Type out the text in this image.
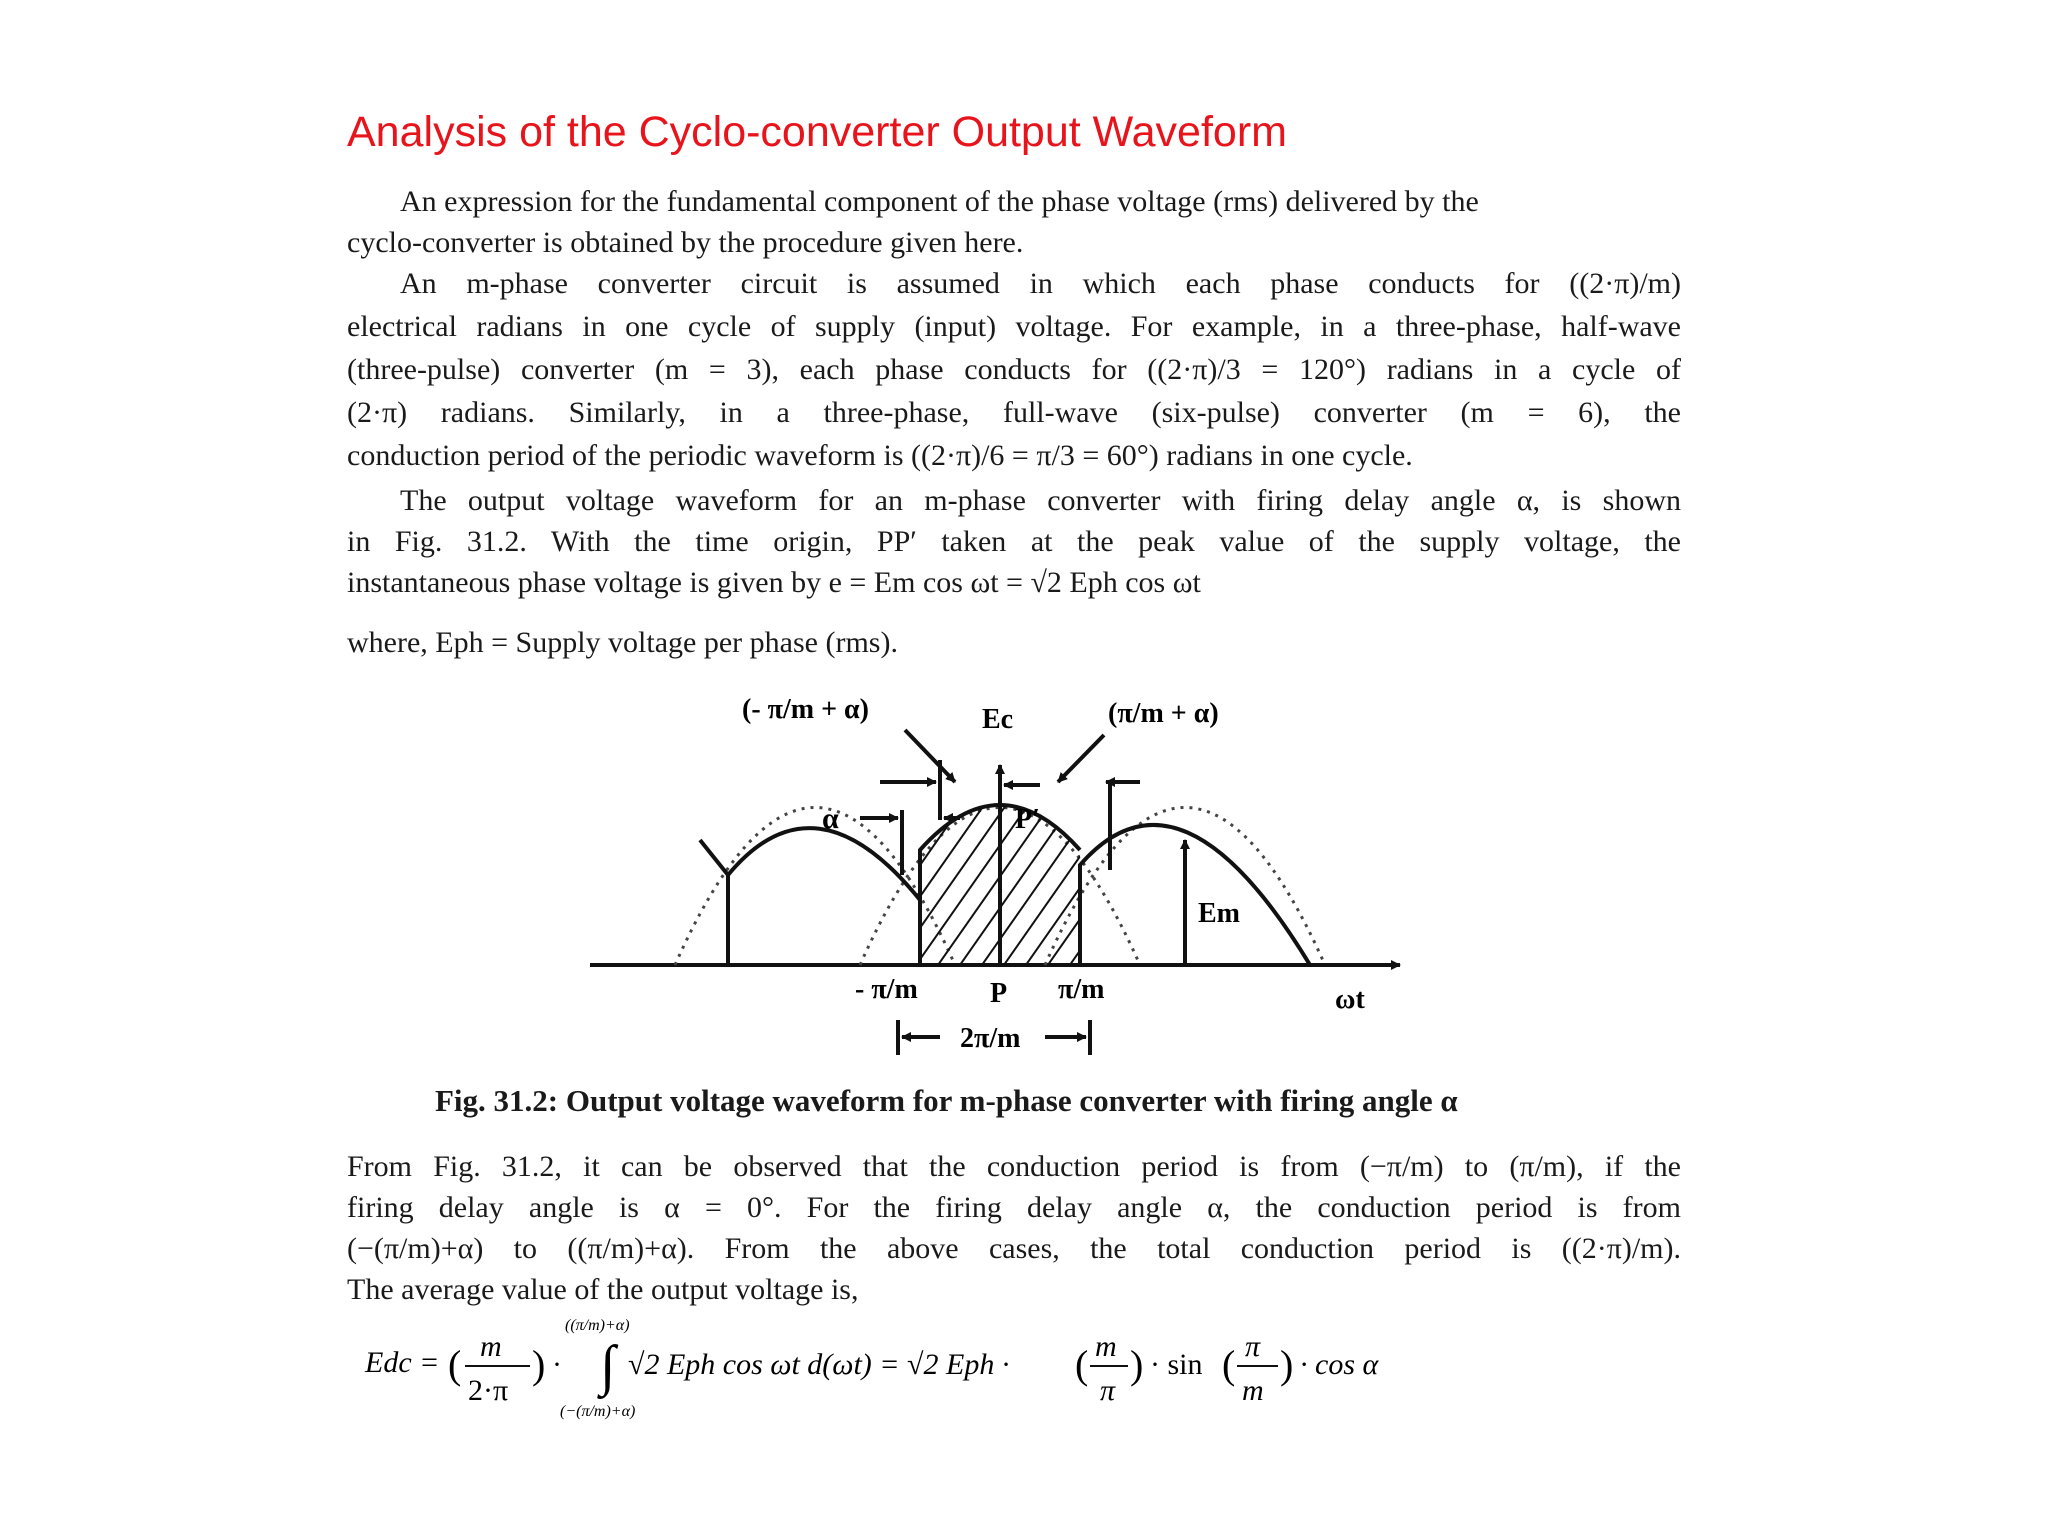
Analysis of the Cyclo-converter Output Waveform
An expression for the fundamental component of the phase voltage (rms) delivered by the
cyclo-converter is obtained by the procedure given here.
An m-phase converter circuit is assumed in which each phase conducts for ((2·π)/m)
electrical radians in one cycle of supply (input) voltage. For example, in a three-phase, half-wave
(three-pulse) converter (m = 3), each phase conducts for ((2·π)/3 = 120°) radians in a cycle of
(2·π) radians. Similarly, in a three-phase, full-wave (six-pulse) converter (m = 6), the
conduction period of the periodic waveform is ((2·π)/6 = π/3 = 60°) radians in one cycle.
The output voltage waveform for an m-phase converter with firing delay angle α, is shown
in Fig. 31.2. With the time origin, PP′ taken at the peak value of the supply voltage, the
instantaneous phase voltage is given by e = Em cos ωt = √2 Eph cos ωt
where, Eph = Supply voltage per phase (rms).
(- π/m + α)	Ec	(π/m + α)
α	P′
Em
- π/m	P π/m	ωt
2π/m
Fig. 31.2: Output voltage waveform for m-phase converter with firing angle α
From Fig. 31.2, it can be observed that the conduction period is from (−π/m) to (π/m), if the
firing delay angle is α = 0°. For the firing delay angle α, the conduction period is from
(−(π/m)+α) to ((π/m)+α). From the above cases, the total conduction period is ((2·π)/m).
The average value of the output voltage is,
Edc = ( m
2·π
) ·
((π/m)+α)
∫
(−(π/m)+α)
√2 Eph cos ωt d(ωt) = √2 Eph · ( m
π
) · sin ( π
m
) · cos α
